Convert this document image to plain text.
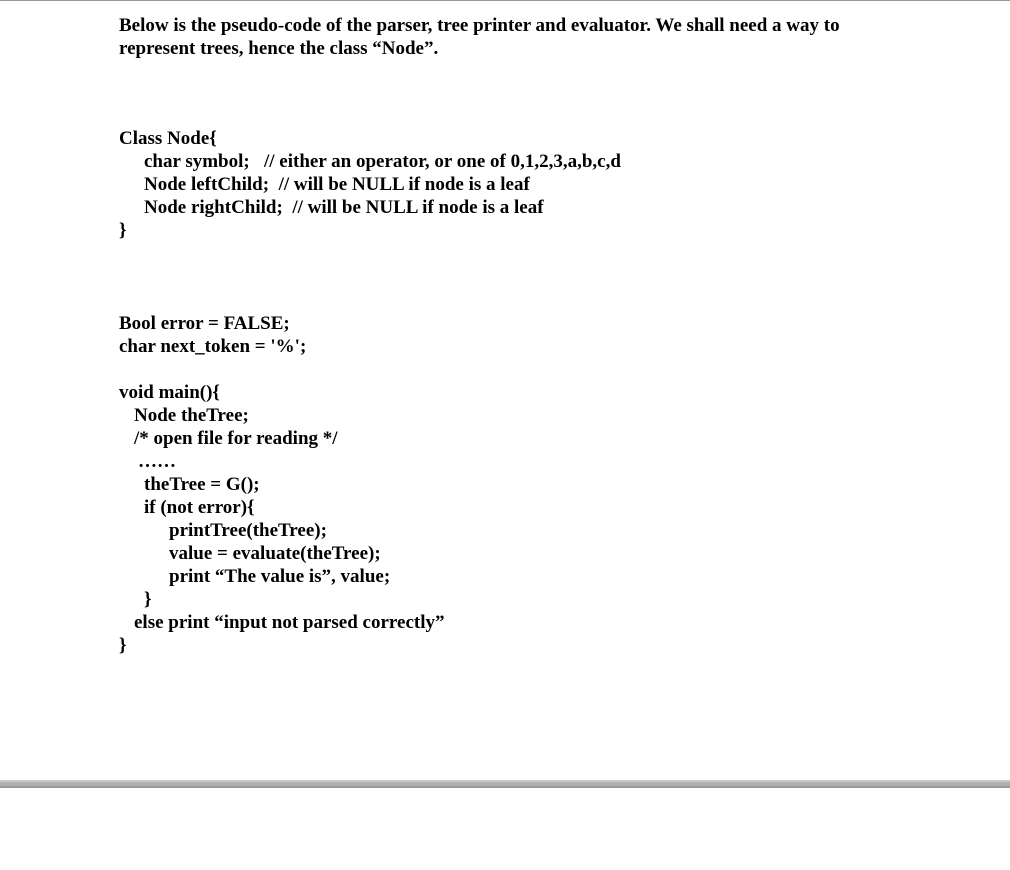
Below is the pseudo-code of the parser, tree printer and evaluator. We shall need a way to
represent trees, hence the class “Node”.
Class Node{
char symbol;   // either an operator, or one of 0,1,2,3,a,b,c,d
Node leftChild;  // will be NULL if node is a leaf
Node rightChild;  // will be NULL if node is a leaf
}
Bool error = FALSE;
char next_token = '%';
void main(){
Node theTree;
/* open file for reading */
……
theTree = G();
if (not error){
printTree(theTree);
value = evaluate(theTree);
print “The value is”, value;
}
else print “input not parsed correctly”
}
